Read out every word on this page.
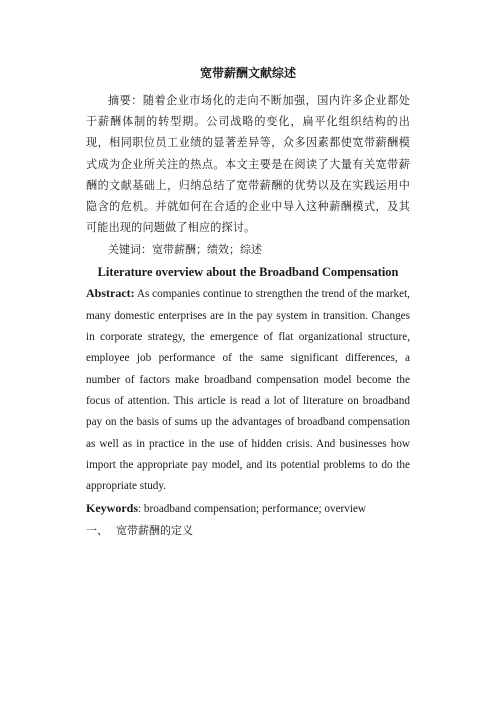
宽带薪酬文献综述

摘要：随着企业市场化的走向不断加强，国内许多企业都处于薪酬体制的转型期。公司战略的变化，扁平化组织结构的出现，相同职位员工业绩的显著差异等，众多因素都使宽带薪酬模式成为企业所关注的热点。本文主要是在阅读了大量有关宽带薪酬的文献基础上，归纳总结了宽带薪酬的优势以及在实践运用中隐含的危机。并就如何在合适的企业中导入这种薪酬模式，及其可能出现的问题做了相应的探讨。

关键词：宽带薪酬；绩效；综述

Literature overview about the Broadband Compensation

Abstract: As companies continue to strengthen the trend of the market, many domestic enterprises are in the pay system in transition. Changes in corporate strategy, the emergence of flat organizational structure, employee job performance of the same significant differences, a number of factors make broadband compensation model become the focus of attention. This article is read a lot of literature on broadband pay on the basis of sums up the advantages of broadband compensation as well as in practice in the use of hidden crisis. And businesses how import the appropriate pay model, and its potential problems to do the appropriate study.

Keywords: broadband compensation; performance; overview

一、 宽带薪酬的定义
